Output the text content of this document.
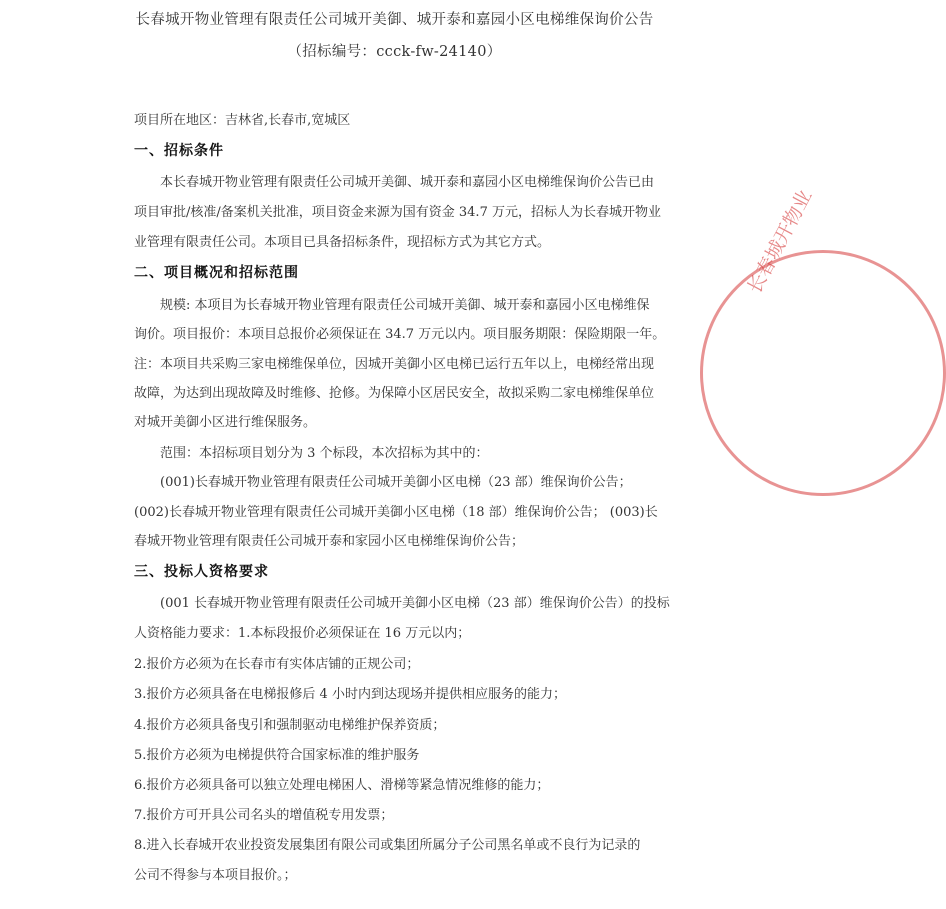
长春城开物业管理有限责任公司城开美御、城开泰和嘉园小区电梯维保询价公告
（招标编号：ccck-fw-24140）
项目所在地区：吉林省,长春市,宽城区
一、招标条件
本长春城开物业管理有限责任公司城开美御、城开泰和嘉园小区电梯维保询价公告已由
项目审批/核准/备案机关批准，项目资金来源为国有资金 34.7 万元，招标人为长春城开物业
业管理有限责任公司。本项目已具备招标条件，现招标方式为其它方式。
二、项目概况和招标范围
规模: 本项目为长春城开物业管理有限责任公司城开美御、城开泰和嘉园小区电梯维保
询价。项目报价：本项目总报价必须保证在 34.7 万元以内。项目服务期限：保险期限一年。
注：本项目共采购三家电梯维保单位，因城开美御小区电梯已运行五年以上，电梯经常出现
故障，为达到出现故障及时维修、抢修。为保障小区居民安全，故拟采购二家电梯维保单位
对城开美御小区进行维保服务。
范围：本招标项目划分为 3 个标段，本次招标为其中的：
(001)长春城开物业管理有限责任公司城开美御小区电梯（23 部）维保询价公告；
(002)长春城开物业管理有限责任公司城开美御小区电梯（18 部）维保询价公告； (003)长
春城开物业管理有限责任公司城开泰和家园小区电梯维保询价公告；
三、投标人资格要求
(001 长春城开物业管理有限责任公司城开美御小区电梯（23 部）维保询价公告）的投标
人资格能力要求：1.本标段报价必须保证在 16 万元以内；
2.报价方必须为在长春市有实体店铺的正规公司；
3.报价方必须具备在电梯报修后 4 小时内到达现场并提供相应服务的能力；
4.报价方必须具备曳引和强制驱动电梯维护保养资质；
5.报价方必须为电梯提供符合国家标准的维护服务
6.报价方必须具备可以独立处理电梯困人、滑梯等紧急情况维修的能力；
7.报价方可开具公司名头的增值税专用发票；
8.进入长春城开农业投资发展集团有限公司或集团所属分子公司黑名单或不良行为记录的
公司不得参与本项目报价。；
长春城开物业
